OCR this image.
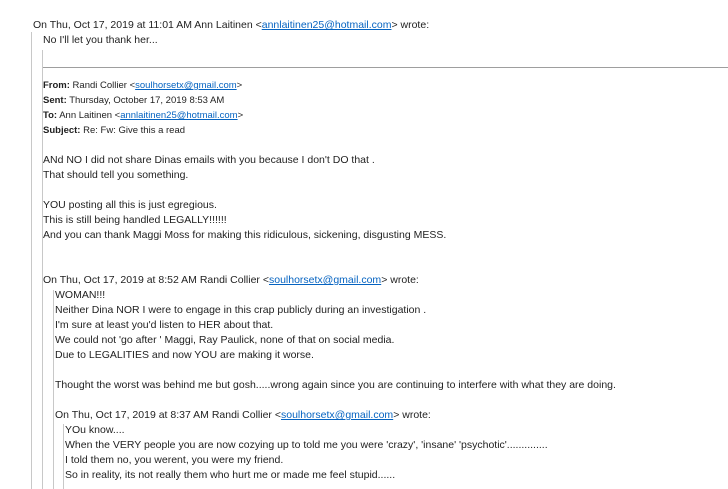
On Thu, Oct 17, 2019 at 11:01 AM Ann Laitinen <annlaitinen25@hotmail.com> wrote:
No I'll let you thank her...
From: Randi Collier <soulhorsetx@gmail.com>
Sent: Thursday, October 17, 2019 8:53 AM
To: Ann Laitinen <annlaitinen25@hotmail.com>
Subject: Re: Fw: Give this a read
ANd NO I did not share Dinas emails with you because I don't DO that .
That should tell you something.
YOU posting all this is just egregious.
This is still being handled LEGALLY!!!!!!
And you can thank Maggi Moss for making this ridiculous, sickening, disgusting MESS.
On Thu, Oct 17, 2019 at 8:52 AM Randi Collier <soulhorsetx@gmail.com> wrote:
WOMAN!!!
Neither Dina NOR I were to engage in this crap publicly during an investigation .
I'm sure at least you'd listen to HER about that.
We could not 'go after ' Maggi, Ray Paulick, none of that on social media.
Due to LEGALITIES and now YOU are making it worse.
Thought the worst was behind me but gosh.....wrong again since you are continuing to interfere with what they are doing.
On Thu, Oct 17, 2019 at 8:37 AM Randi Collier <soulhorsetx@gmail.com> wrote:
YOu know....
When the VERY people you are now cozying up to told me you were 'crazy', 'insane' 'psychotic'..............
I told them no, you werent, you were my friend.
So in reality, its not really them who hurt me or made me feel stupid......
